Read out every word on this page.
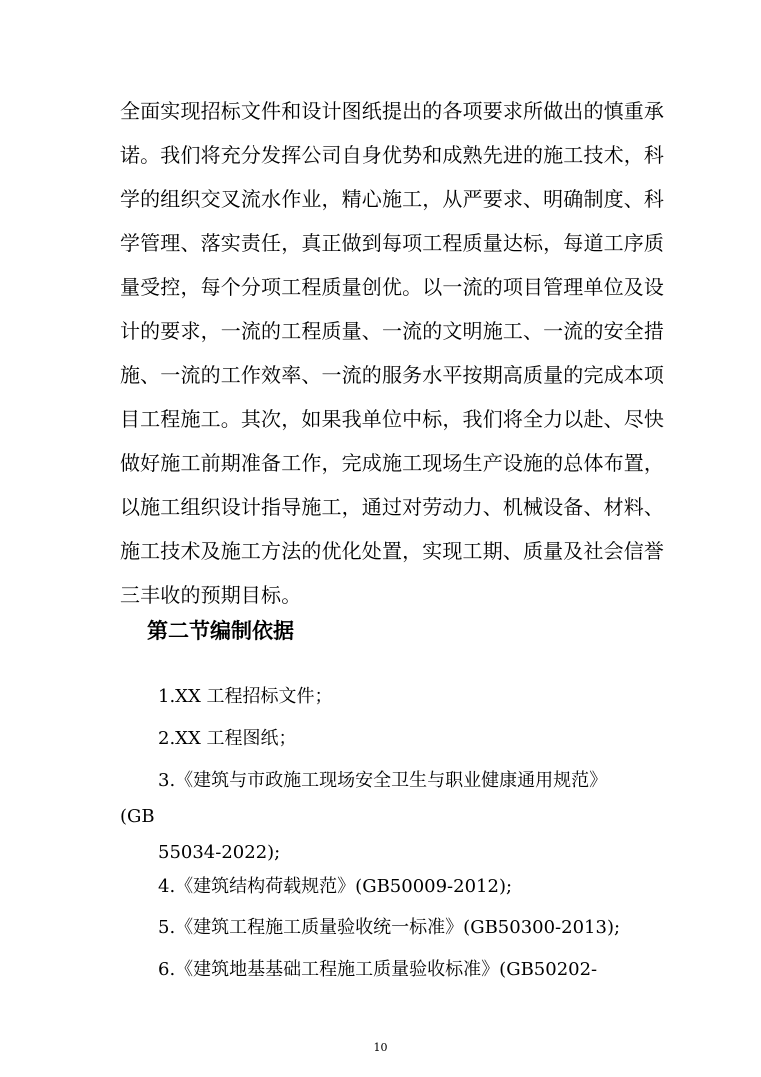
全面实现招标文件和设计图纸提出的各项要求所做出的慎重承
诺。我们将充分发挥公司自身优势和成熟先进的施工技术，科
学的组织交叉流水作业，精心施工，从严要求、明确制度、科
学管理、落实责任，真正做到每项工程质量达标，每道工序质
量受控，每个分项工程质量创优。以一流的项目管理单位及设
计的要求，一流的工程质量、一流的文明施工、一流的安全措
施、一流的工作效率、一流的服务水平按期高质量的完成本项
目工程施工。其次，如果我单位中标，我们将全力以赴、尽快
做好施工前期准备工作，完成施工现场生产设施的总体布置，
以施工组织设计指导施工，通过对劳动力、机械设备、材料、
施工技术及施工方法的优化处置，实现工期、质量及社会信誉
三丰收的预期目标。
第二节编制依据
1.XX 工程招标文件；
2.XX 工程图纸；
3.《建筑与市政施工现场安全卫生与职业健康通用规范》
(GB
55034-2022);
4.《建筑结构荷载规范》(GB50009-2012);
5.《建筑工程施工质量验收统一标准》(GB50300-2013);
6.《建筑地基基础工程施工质量验收标准》(GB50202-
10
